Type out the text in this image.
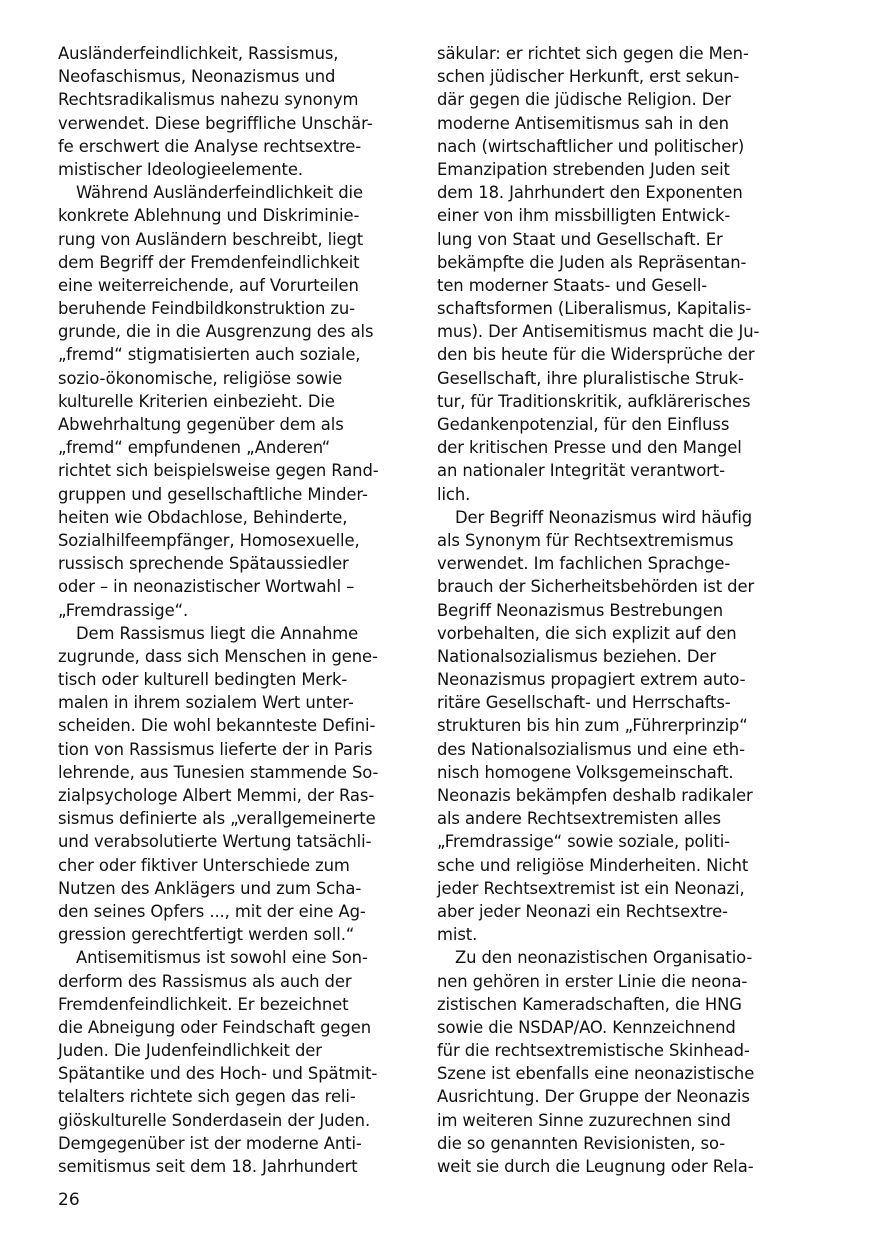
Ausländerfeindlichkeit, Rassismus,
Neofaschismus, Neonazismus und
Rechtsradikalismus nahezu synonym
verwendet. Diese begriffliche Unschär-
fe erschwert die Analyse rechtsextre-
mistischer Ideologieelemente.
Während Ausländerfeindlichkeit die
konkrete Ablehnung und Diskriminie-
rung von Ausländern beschreibt, liegt
dem Begriff der Fremdenfeindlichkeit
eine weiterreichende, auf Vorurteilen
beruhende Feindbildkonstruktion zu-
grunde, die in die Ausgrenzung des als
„fremd“ stigmatisierten auch soziale,
sozio-ökonomische, religiöse sowie
kulturelle Kriterien einbezieht. Die
Abwehrhaltung gegenüber dem als
„fremd“ empfundenen „Anderen“
richtet sich beispielsweise gegen Rand-
gruppen und gesellschaftliche Minder-
heiten wie Obdachlose, Behinderte,
Sozialhilfeempfänger, Homosexuelle,
russisch sprechende Spätaussiedler
oder – in neonazistischer Wortwahl –
„Fremdrassige“.
Dem Rassismus liegt die Annahme
zugrunde, dass sich Menschen in gene-
tisch oder kulturell bedingten Merk-
malen in ihrem sozialem Wert unter-
scheiden. Die wohl bekannteste Defini-
tion von Rassismus lieferte der in Paris
lehrende, aus Tunesien stammende So-
zialpsychologe Albert Memmi, der Ras-
sismus definierte als „verallgemeinerte
und verabsolutierte Wertung tatsächli-
cher oder fiktiver Unterschiede zum
Nutzen des Anklägers und zum Scha-
den seines Opfers ..., mit der eine Ag-
gression gerechtfertigt werden soll.“
Antisemitismus ist sowohl eine Son-
derform des Rassismus als auch der
Fremdenfeindlichkeit. Er bezeichnet
die Abneigung oder Feindschaft gegen
Juden. Die Judenfeindlichkeit der
Spätantike und des Hoch- und Spätmit-
telalters richtete sich gegen das reli-
giöskulturelle Sonderdasein der Juden.
Demgegenüber ist der moderne Anti-
semitismus seit dem 18. Jahrhundert
säkular: er richtet sich gegen die Men-
schen jüdischer Herkunft, erst sekun-
där gegen die jüdische Religion. Der
moderne Antisemitismus sah in den
nach (wirtschaftlicher und politischer)
Emanzipation strebenden Juden seit
dem 18. Jahrhundert den Exponenten
einer von ihm missbilligten Entwick-
lung von Staat und Gesellschaft. Er
bekämpfte die Juden als Repräsentan-
ten moderner Staats- und Gesell-
schaftsformen (Liberalismus, Kapitalis-
mus). Der Antisemitismus macht die Ju-
den bis heute für die Widersprüche der
Gesellschaft, ihre pluralistische Struk-
tur, für Traditionskritik, aufklärerisches
Gedankenpotenzial, für den Einfluss
der kritischen Presse und den Mangel
an nationaler Integrität verantwort-
lich.
Der Begriff Neonazismus wird häufig
als Synonym für Rechtsextremismus
verwendet. Im fachlichen Sprachge-
brauch der Sicherheitsbehörden ist der
Begriff Neonazismus Bestrebungen
vorbehalten, die sich explizit auf den
Nationalsozialismus beziehen. Der
Neonazismus propagiert extrem auto-
ritäre Gesellschaft- und Herrschafts-
strukturen bis hin zum „Führerprinzip“
des Nationalsozialismus und eine eth-
nisch homogene Volksgemeinschaft.
Neonazis bekämpfen deshalb radikaler
als andere Rechtsextremisten alles
„Fremdrassige“ sowie soziale, politi-
sche und religiöse Minderheiten. Nicht
jeder Rechtsextremist ist ein Neonazi,
aber jeder Neonazi ein Rechtsextre-
mist.
Zu den neonazistischen Organisatio-
nen gehören in erster Linie die neona-
zistischen Kameradschaften, die HNG
sowie die NSDAP/AO. Kennzeichnend
für die rechtsextremistische Skinhead-
Szene ist ebenfalls eine neonazistische
Ausrichtung. Der Gruppe der Neonazis
im weiteren Sinne zuzurechnen sind
die so genannten Revisionisten, so-
weit sie durch die Leugnung oder Rela-
26
